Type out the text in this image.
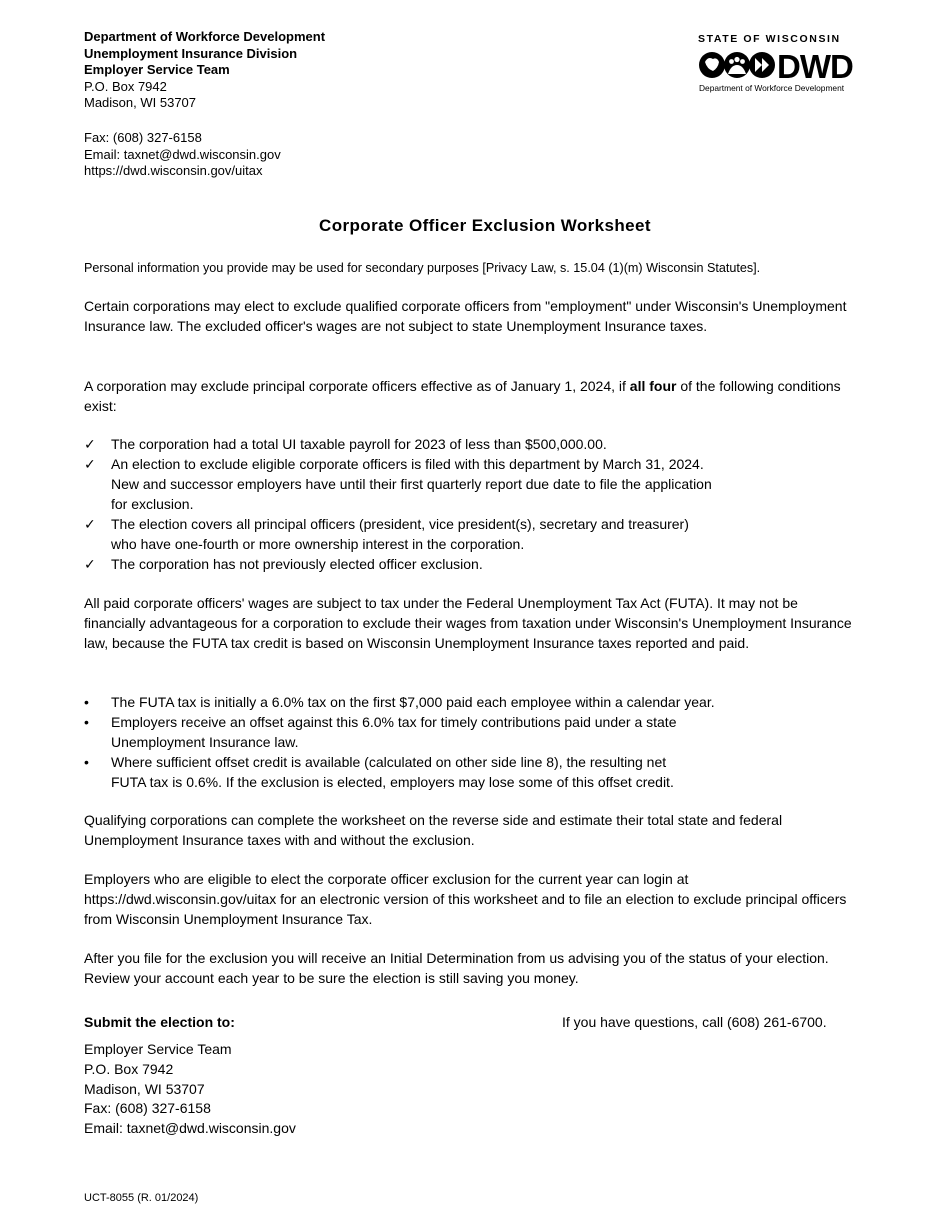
Department of Workforce Development
Unemployment Insurance Division
Employer Service Team
P.O. Box 7942
Madison, WI 53707
Fax: (608) 327-6158
Email: taxnet@dwd.wisconsin.gov
https://dwd.wisconsin.gov/uitax
STATE OF WISCONSIN
DWD
Department of Workforce Development
Corporate Officer Exclusion Worksheet
Personal information you provide may be used for secondary purposes [Privacy Law, s. 15.04 (1)(m) Wisconsin Statutes].
Certain corporations may elect to exclude qualified corporate officers from "employment" under Wisconsin's Unemployment Insurance law. The excluded officer's wages are not subject to state Unemployment Insurance taxes.
A corporation may exclude principal corporate officers effective as of January 1, 2024, if all four of the following conditions exist:
✓ The corporation had a total UI taxable payroll for 2023 of less than $500,000.00.
✓ An election to exclude eligible corporate officers is filed with this department by March 31, 2024.
New and successor employers have until their first quarterly report due date to file the application
for exclusion.
✓ The election covers all principal officers (president, vice president(s), secretary and treasurer)
who have one-fourth or more ownership interest in the corporation.
✓ The corporation has not previously elected officer exclusion.
All paid corporate officers' wages are subject to tax under the Federal Unemployment Tax Act (FUTA). It may not be financially advantageous for a corporation to exclude their wages from taxation under Wisconsin's Unemployment Insurance law, because the FUTA tax credit is based on Wisconsin Unemployment Insurance taxes reported and paid.
• The FUTA tax is initially a 6.0% tax on the first $7,000 paid each employee within a calendar year.
• Employers receive an offset against this 6.0% tax for timely contributions paid under a state
Unemployment Insurance law.
• Where sufficient offset credit is available (calculated on other side line 8), the resulting net
FUTA tax is 0.6%. If the exclusion is elected, employers may lose some of this offset credit.
Qualifying corporations can complete the worksheet on the reverse side and estimate their total state and federal Unemployment Insurance taxes with and without the exclusion.
Employers who are eligible to elect the corporate officer exclusion for the current year can login at https://dwd.wisconsin.gov/uitax for an electronic version of this worksheet and to file an election to exclude principal officers from Wisconsin Unemployment Insurance Tax.
After you file for the exclusion you will receive an Initial Determination from us advising you of the status of your election. Review your account each year to be sure the election is still saving you money.
Submit the election to:	If you have questions, call (608) 261-6700.
Employer Service Team
P.O. Box 7942
Madison, WI 53707
Fax: (608) 327-6158
Email: taxnet@dwd.wisconsin.gov
UCT-8055 (R. 01/2024)
